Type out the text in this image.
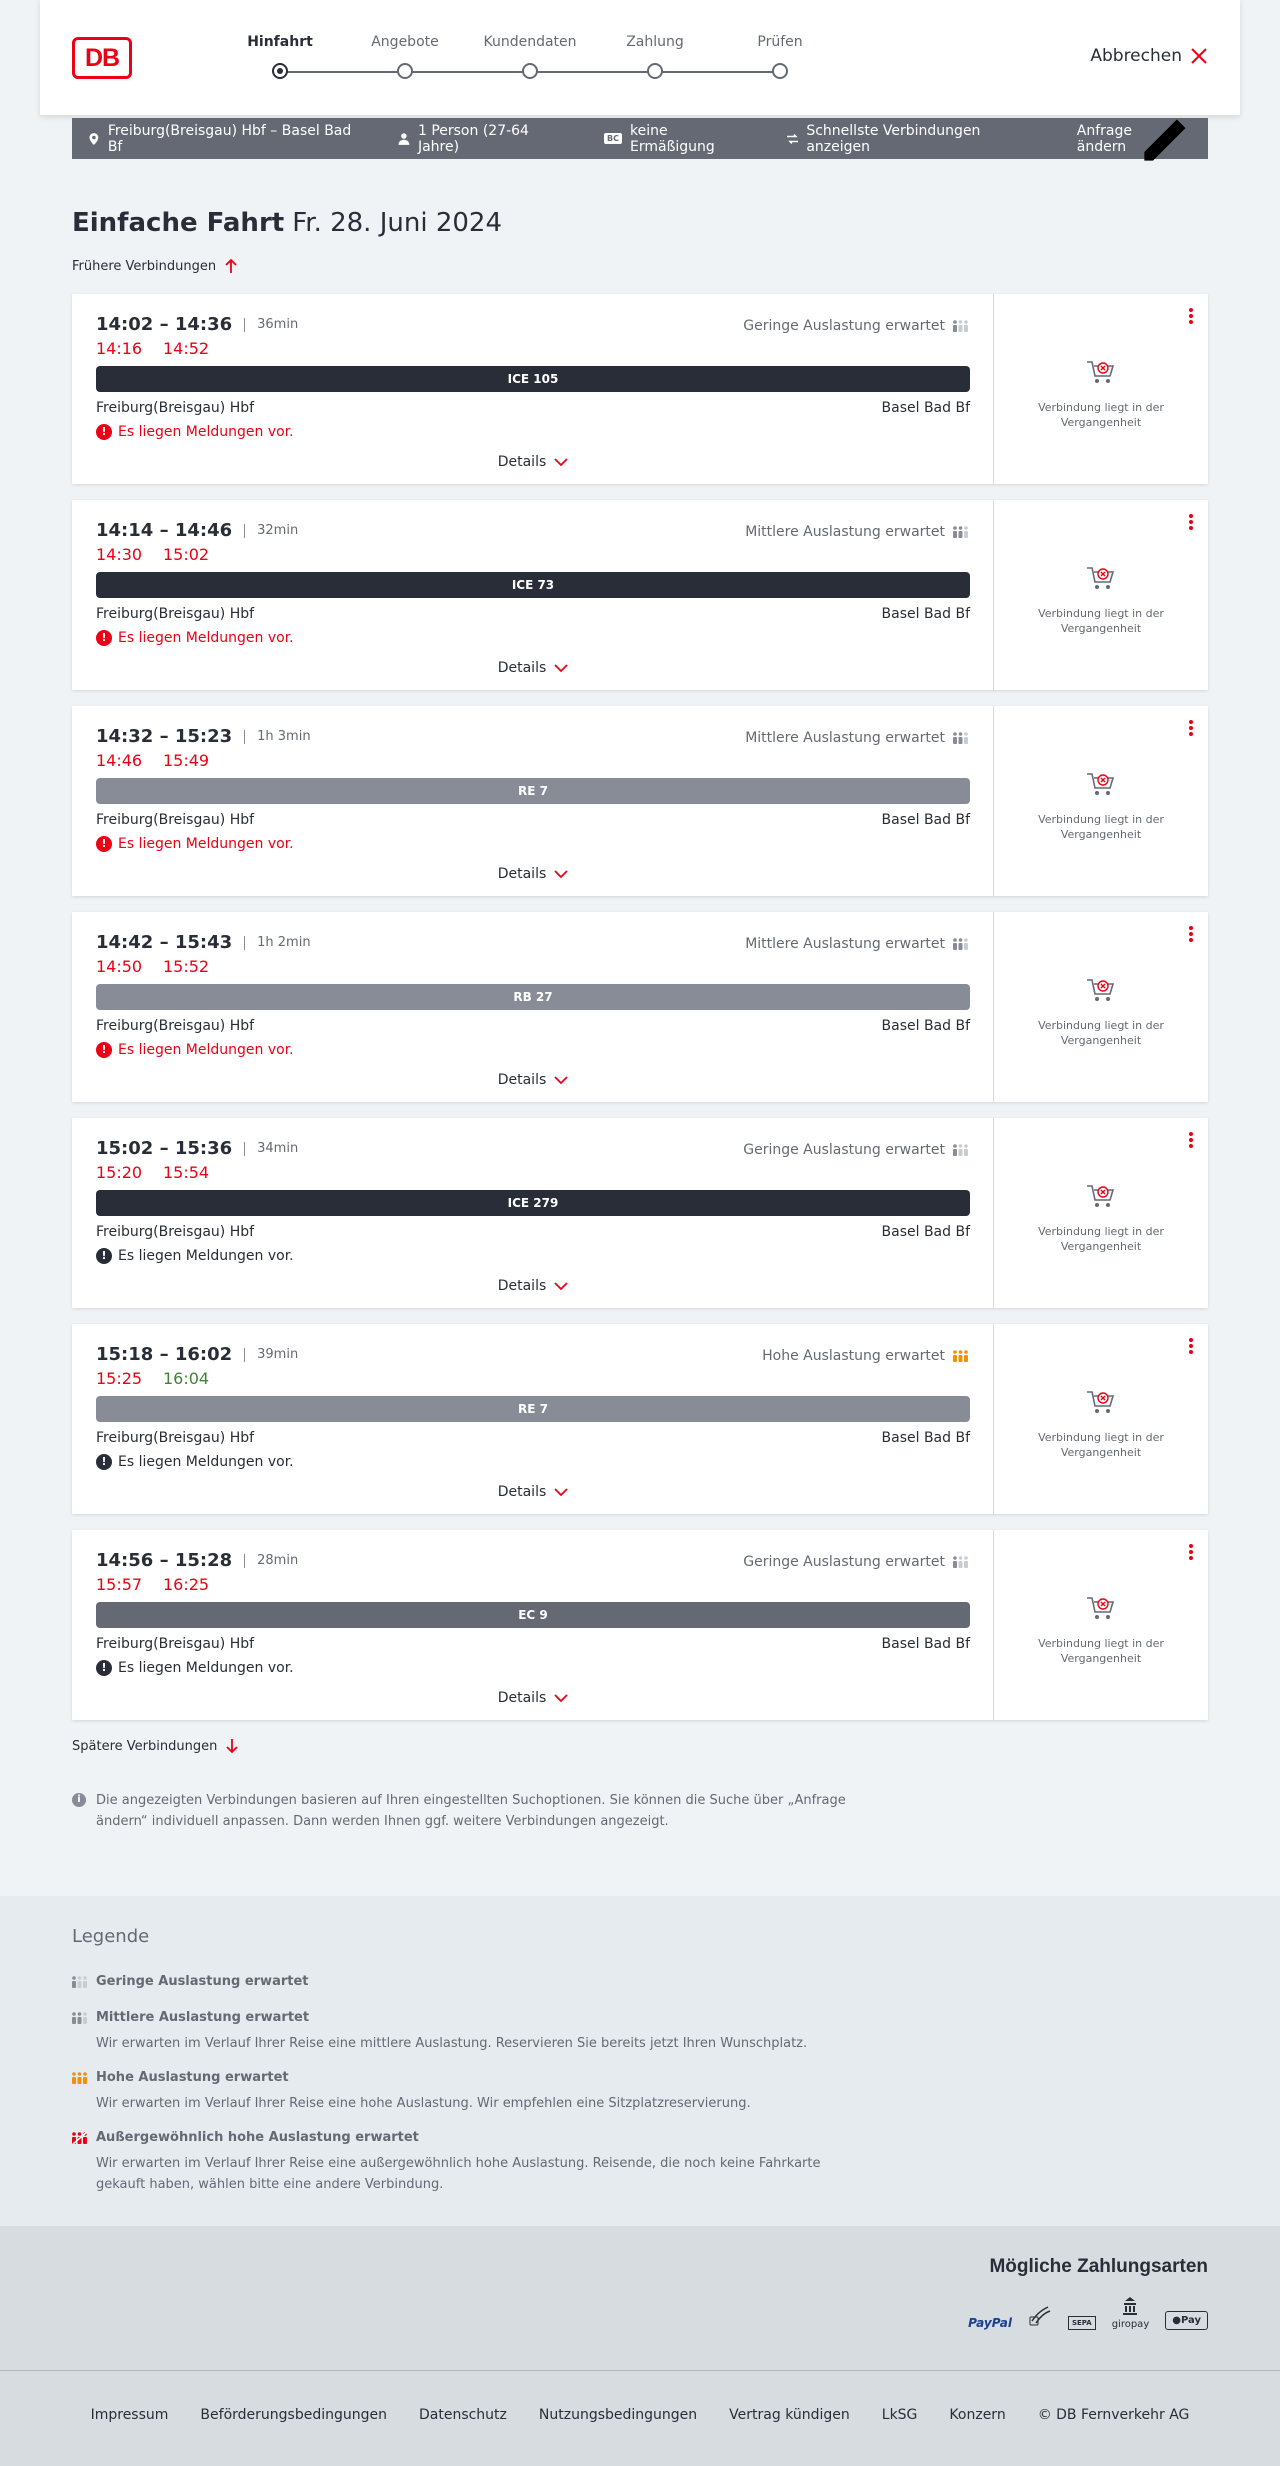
DB
Hinfahrt	Angebote	Kundendaten	Zahlung	Prüfen
Abbrechen
Freiburg(Breisgau) Hbf – Basel Bad Bf
1 Person (27-64 Jahre)	BC keine Ermäßigung
Schnellste Verbindungen anzeigen
Anfrage ändern
Einfache Fahrt Fr. 28. Juni 2024
Frühere Verbindungen
14:02 – 14:36	36min
14:16 14:52
Geringe Auslastung erwartet
ICE 105
Freiburg(Breisgau) Hbf	Basel Bad Bf
! Es liegen Meldungen vor.
Details
Verbindung liegt in der Vergangenheit
14:14 – 14:46	32min
14:30 15:02
Mittlere Auslastung erwartet
ICE 73
Freiburg(Breisgau) Hbf	Basel Bad Bf
! Es liegen Meldungen vor.
Details
Verbindung liegt in der Vergangenheit
14:32 – 15:23	1h 3min
14:46 15:49
Mittlere Auslastung erwartet
RE 7
Freiburg(Breisgau) Hbf	Basel Bad Bf
! Es liegen Meldungen vor.
Details
Verbindung liegt in der Vergangenheit
14:42 – 15:43	1h 2min
14:50 15:52
Mittlere Auslastung erwartet
RB 27
Freiburg(Breisgau) Hbf	Basel Bad Bf
! Es liegen Meldungen vor.
Details
Verbindung liegt in der Vergangenheit
15:02 – 15:36	34min
15:20 15:54
Geringe Auslastung erwartet
ICE 279
Freiburg(Breisgau) Hbf	Basel Bad Bf
! Es liegen Meldungen vor.
Details
Verbindung liegt in der Vergangenheit
15:18 – 16:02	39min
15:25 16:04
Hohe Auslastung erwartet
RE 7
Freiburg(Breisgau) Hbf	Basel Bad Bf
! Es liegen Meldungen vor.
Details
Verbindung liegt in der Vergangenheit
14:56 – 15:28	28min
15:57 16:25
Geringe Auslastung erwartet
EC 9
Freiburg(Breisgau) Hbf	Basel Bad Bf
! Es liegen Meldungen vor.
Details
Verbindung liegt in der Vergangenheit
Spätere Verbindungen
i	Die angezeigten Verbindungen basieren auf Ihren eingestellten Suchoptionen. Sie können die Suche über „Anfrage ändern“ individuell anpassen. Dann werden Ihnen ggf. weitere Verbindungen angezeigt.
Legende
Geringe Auslastung erwartet
Mittlere Auslastung erwartet
Wir erwarten im Verlauf Ihrer Reise eine mittlere Auslastung. Reservieren Sie bereits jetzt Ihren Wunschplatz.
Hohe Auslastung erwartet
Wir erwarten im Verlauf Ihrer Reise eine hohe Auslastung. Wir empfehlen eine Sitzplatzreservierung.
Außergewöhnlich hohe Auslastung erwartet
Wir erwarten im Verlauf Ihrer Reise eine außergewöhnlich hohe Auslastung. Reisende, die noch keine Fahrkarte gekauft haben, wählen bitte eine andere Verbindung.
Mögliche Zahlungsarten
PayPal	SEPA	giropay	●Pay
Impressum Beförderungsbedingungen Datenschutz Nutzungsbedingungen Vertrag kündigen LkSG Konzern © DB Fernverkehr AG
